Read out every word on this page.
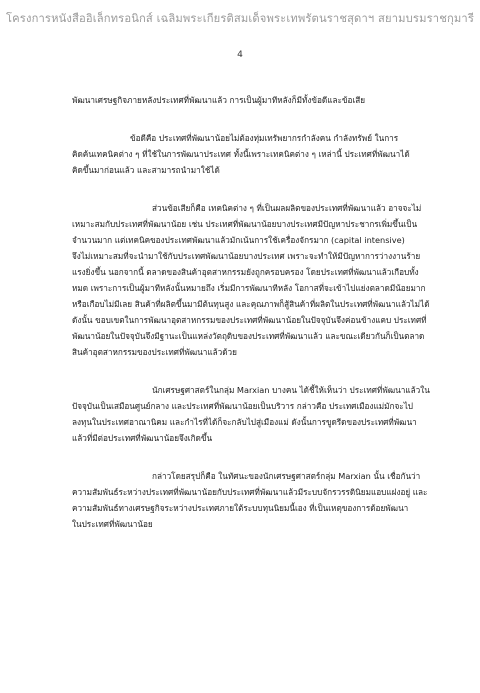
โครงการหนังสืออิเล็กทรอนิกส์ เฉลิมพระเกียรติสมเด็จพระเทพรัตนราชสุดาฯ สยามบรมราชกุมารี
4
พัฒนาเศรษฐกิจภายหลังประเทศที่พัฒนาแล้ว การเป็นผู้มาทีหลังก็มีทั้งข้อดีและข้อเสีย
ข้อดีคือ ประเทศที่พัฒนาน้อยไม่ต้องทุ่มเทรัพยากรกำลังคน กำลังทรัพย์ ในการ
คิดค้นเทคนิคต่าง ๆ ที่ใช้ในการพัฒนาประเทศ ทั้งนี้เพราะเทคนิคต่าง ๆ เหล่านี้ ประเทศที่พัฒนาได้
คิดขึ้นมาก่อนแล้ว และสามารถนำมาใช้ได้
ส่วนข้อเสียก็คือ เทคนิคต่าง ๆ ที่เป็นผลผลิตของประเทศที่พัฒนาแล้ว อาจจะไม่
เหมาะสมกับประเทศที่พัฒนาน้อย เช่น ประเทศที่พัฒนาน้อยบางประเทศมีปัญหาประชากรเพิ่มขึ้นเป็น
จำนวนมาก แต่เทคนิคของประเทศพัฒนาแล้วมักเน้นการใช้เครื่องจักรมาก (capital intensive)
จึงไม่เหมาะสมที่จะนำมาใช้กับประเทศพัฒนาน้อยบางประเทศ เพราะจะทำให้มีปัญหาการว่างงานร้าย
แรงยิ่งขึ้น นอกจากนี้ ตลาดของสินค้าอุตสาหกรรมยังถูกครอบครอง โดยประเทศที่พัฒนาแล้วเกือบทั้ง
หมด เพราะการเป็นผู้มาทีหลังนั้นหมายถึง เริ่มมีการพัฒนาทีหลัง โอกาสที่จะเข้าไปแย่งตลาดมีน้อยมาก
หรือเกือบไม่มีเลย สินค้าที่ผลิตขึ้นมามีต้นทุนสูง และคุณภาพก็สู้สินค้าที่ผลิตในประเทศที่พัฒนาแล้วไม่ได้
ดังนั้น ขอบเขตในการพัฒนาอุตสาหกรรมของประเทศที่พัฒนาน้อยในปัจจุบันจึงค่อนข้างแคบ ประเทศที่
พัฒนาน้อยในปัจจุบันจึงมีฐานะเป็นแหล่งวัตถุดิบของประเทศที่พัฒนาแล้ว และขณะเดียวกันก็เป็นตลาด
สินค้าอุตสาหกรรมของประเทศที่พัฒนาแล้วด้วย
นักเศรษฐศาสตร์ในกลุ่ม Marxian บางคน ได้ชี้ให้เห็นว่า ประเทศที่พัฒนาแล้วใน
ปัจจุบันเป็นเสมือนศูนย์กลาง และประเทศที่พัฒนาน้อยเป็นบริวาร กล่าวคือ ประเทศเมืองแม่มักจะไป
ลงทุนในประเทศอาณานิคม และกำไรที่ได้ก็จะกลับไปสู่เมืองแม่ ดังนั้นการขูดรีดของประเทศที่พัฒนา
แล้วที่มีต่อประเทศที่พัฒนาน้อยจึงเกิดขึ้น
กล่าวโดยสรุปก็คือ ในทัศนะของนักเศรษฐศาสตร์กลุ่ม Marxian นั้น เชื่อกันว่า
ความสัมพันธ์ระหว่างประเทศที่พัฒนาน้อยกับประเทศที่พัฒนาแล้วมีระบบจักรวรรดินิยมแอบแฝงอยู่ และ
ความสัมพันธ์ทางเศรษฐกิจระหว่างประเทศภายใต้ระบบทุนนิยมนี้เอง ที่เป็นเหตุของการด้อยพัฒนา
ในประเทศที่พัฒนาน้อย
